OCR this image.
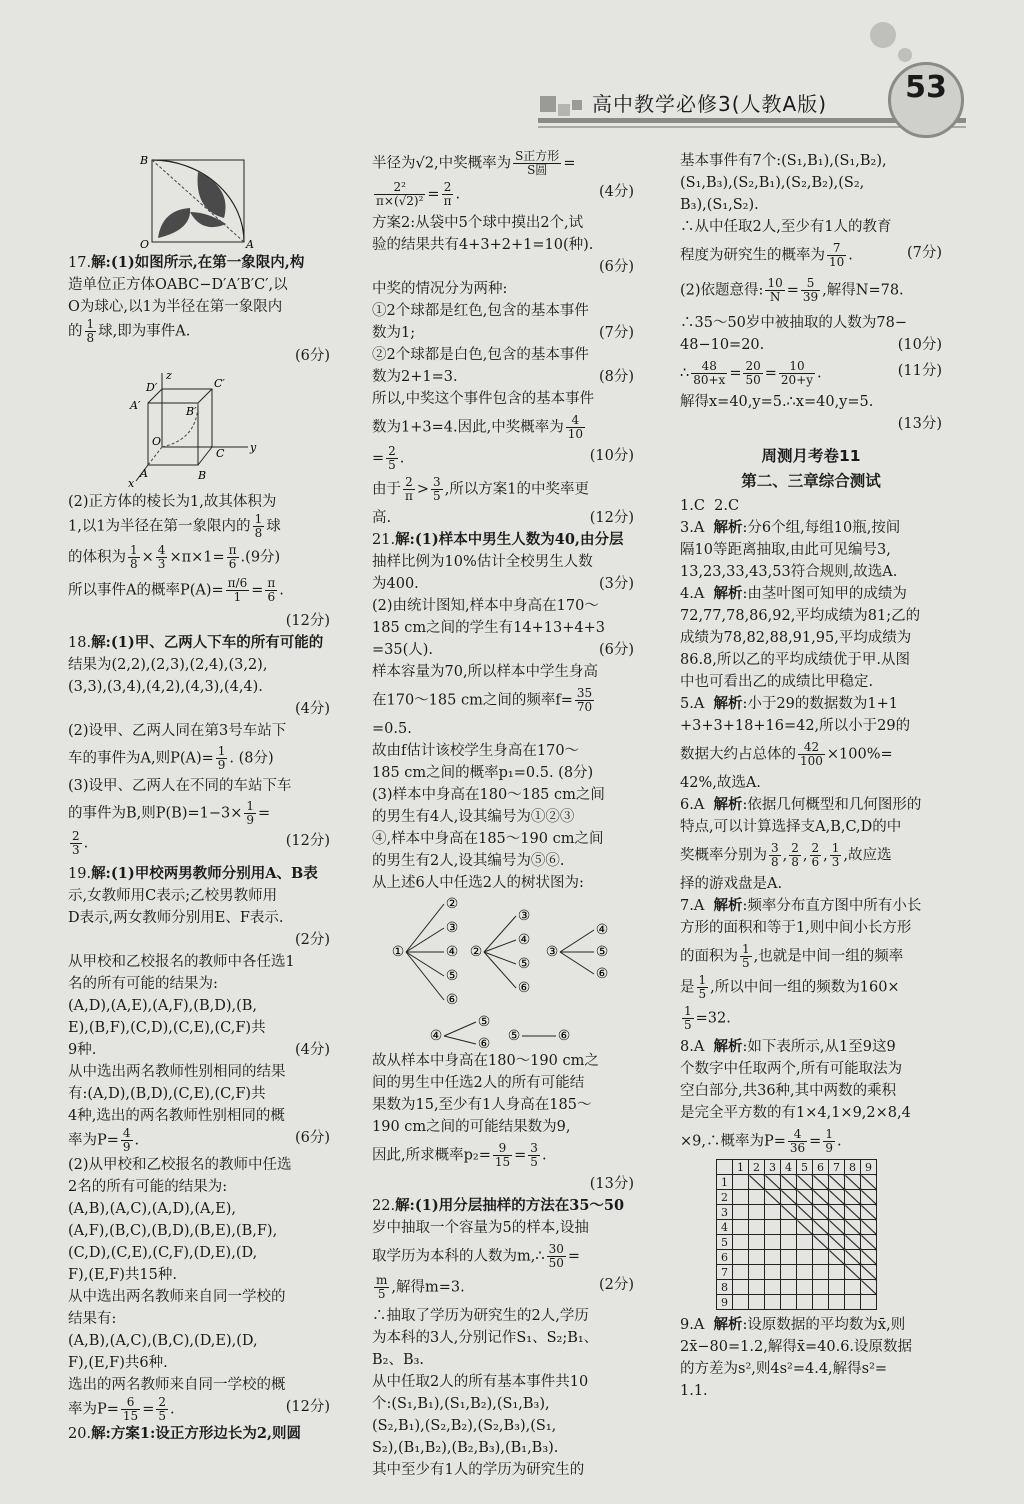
高中教学必修3(人教A版)	53
B
O	A

17.解:(1)如图所示,在第一象限内,构

造单位正方体OABC−D′A′B′C′,以

O为球心,以1为半径在第一象限内

的 $\frac{1}{8}$ 球,即为事件A.

(6分)

z
D′	C′
A′	B′
O
C y
A	B
x

(2)正方体的棱长为1,故其体积为

1,以1为半径在第一象限内的 $\frac{1}{8}$ 球

的体积为 $\frac{1}{8} \times \frac{4}{3} \times\pi\times 1= \frac{\pi}{6} .(9$分)

所以事件A的概率$P(A)= \frac{\pi/6}{1} = \frac{\pi}{6}$ .

(12分)

18.解:(1)甲、乙两人下车的所有可能的

结果为(2,2),(2,3),(2,4),(3,2),

(3,3),(3,4),(4,2),(4,3),(4,4).

(4分)

(2)设甲、乙两人同在第3号车站下

车的事件为A,则$P(A)= \frac{1}{9}$ . (8分)

(3)设甲、乙两人在不同的车站下车

的事件为B,则$P(B)=1-3\times \frac{1}{9}$ =

$\frac{2}{3}$ .	(12分)

19.解:(1)甲校两男教师分别用A、B表

示,女教师用C表示;乙校男教师用

D表示,两女教师分别用E、F表示.

(2分)

从甲校和乙校报名的教师中各任选1

名的所有可能的结果为:

(A,D),(A,E),(A,F),(B,D),(B,

E),(B,F),(C,D),(C,E),(C,F)共

9种.	(4分)

从中选出两名教师性别相同的结果

有:(A,D),(B,D),(C,E),(C,F)共

4种,选出的两名教师性别相同的概

率为$P= \frac{4}{9}$ .	(6分)

(2)从甲校和乙校报名的教师中任选

2名的所有可能的结果为:

(A,B),(A,C),(A,D),(A,E),

(A,F),(B,C),(B,D),(B,E),(B,F),

(C,D),(C,E),(C,F),(D,E),(D,

F),(E,F)共15种.

从中选出两名教师来自同一学校的

结果有:

(A,B),(A,C),(B,C),(D,E),(D,

F),(E,F)共6种.

选出的两名教师来自同一学校的概

率为$P= \frac{6}{15} = \frac{2}{5}$ .	(12分)

20.解:方案1:设正方形边长为2,则圆

半径为√2,中奖概率为 $\frac{\text{S正方形}}{\text{S圆}}$ =

$\frac{\text{2²}}{\text{π×(√2)²}} = \frac{2}{\pi}$ .	(4分)

方案2:从袋中5个球中摸出2个,试

验的结果共有4+3+2+1=10(种).

(6分)

中奖的情况分为两种:

①2个球都是红色,包含的基本事件

数为1;	(7分)

②2个球都是白色,包含的基本事件

数为2+1=3.	(8分)

所以,中奖这个事件包含的基本事件

数为1+3=4.因此,中奖概率为 $\frac{4}{10}$

= $\frac{2}{5}$ .	(10分)

由于 $\frac{2}{\pi} > \frac{3}{5}$ ,所以方案1的中奖率更

高.	(12分)

21.解:(1)样本中男生人数为40,由分层

抽样比例为10%估计全校男生人数

为400.	(3分)

(2)由统计图知,样本中身高在170～

185 cm之间的学生有14+13+4+3

=35(人).	(6分)

样本容量为70,所以样本中学生身高

在170～185 cm之间的频率$f= \frac{35}{70}$

=0.5.

故由f估计该校学生身高在170～

185 cm之间的概率p₁=0.5. (8分)

(3)样本中身高在180～185 cm之间

的男生有4人,设其编号为①②③

④,样本中身高在185～190 cm之间

的男生有2人,设其编号为⑤⑥.

从上述6人中任选2人的树状图为:

①
②
③
④
⑤
⑥
②
③
④
⑤
⑥
③
④
⑤
⑥
④
⑤
⑥ ⑤	⑥

故从样本中身高在180～190 cm之

间的男生中任选2人的所有可能结

果数为15,至少有1人身高在185～

190 cm之间的可能结果数为9,

因此,所求概率$p_2= \frac{9}{15} = \frac{3}{5}$ .

(13分)

22.解:(1)用分层抽样的方法在35～50

岁中抽取一个容量为5的样本,设抽

取学历为本科的人数为m,∴ $\frac{30}{50}$ =

$\frac{m}{5}$ ,解得m=3.	(2分)

∴抽取了学历为研究生的2人,学历

为本科的3人,分别记作S₁、S₂;B₁、

B₂、B₃.

从中任取2人的所有基本事件共10

个:(S₁,B₁),(S₁,B₂),(S₁,B₃),

(S₂,B₁),(S₂,B₂),(S₂,B₃),(S₁,

S₂),(B₁,B₂),(B₂,B₃),(B₁,B₃).

其中至少有1人的学历为研究生的

基本事件有7个:(S₁,B₁),(S₁,B₂),

(S₁,B₃),(S₂,B₁),(S₂,B₂),(S₂,

B₃),(S₁,S₂).

∴从中任取2人,至少有1人的教育

程度为研究生的概率为 $\frac{7}{10}$ .	(7分)

(2)依题意得: $\frac{10}{N} = \frac{5}{39}$ ,解得N=78.

∴35～50岁中被抽取的人数为78−

48−10=20.	(10分)

∴ $\frac{48}{80+x} = \frac{20}{50} = \frac{10}{20+y}$ .	(11分)

解得x=40,y=5.∴x=40,y=5.

(13分)

周测月考卷11

第二、三章综合测试

1.C  2.C

3.A  解析:分6个组,每组10瓶,按间

隔10等距离抽取,由此可见编号3,

13,23,33,43,53符合规则,故选A.

4.A  解析:由茎叶图可知甲的成绩为

72,77,78,86,92,平均成绩为81;乙的

成绩为78,82,88,91,95,平均成绩为

86.8,所以乙的平均成绩优于甲.从图

中也可看出乙的成绩比甲稳定.

5.A  解析:小于29的数据数为1+1

+3+3+18+16=42,所以小于29的

数据大约占总体的 $\frac{42}{100} \times 100\%=$

42%,故选A.

6.A  解析:依据几何概型和几何图形的

特点,可以计算选择支A,B,C,D的中

奖概率分别为 $\frac{3}{8}$ , $\frac{2}{8}$ , $\frac{2}{6}$ , $\frac{1}{3}$ ,故应选

择的游戏盘是A.

7.A  解析:频率分布直方图中所有小长

方形的面积和等于1,则中间小长方形

的面积为 $\frac{1}{5}$ ,也就是中间一组的频率

是 $\frac{1}{5}$ ,所以中间一组的频数为160×

$\frac{1}{5} =32$.

8.A  解析:如下表所示,从1至9这9

个数字中任取两个,所有可能取法为

空白部分,共36种,其中两数的乘积

是完全平方数的有1×4,1×9,2×8,4

×9,∴概率为$P= \frac{4}{36} = \frac{1}{9}$ .

	1	2	3	4	5	6	7	8	9
1									
2									
3									
4									
5									
6									
7									
8									
9									

9.A  解析:设原数据的平均数为x̄,则

2x̄−80=1.2,解得x̄=40.6.设原数据

的方差为s²,则4s²=4.4,解得s²=

1.1.
